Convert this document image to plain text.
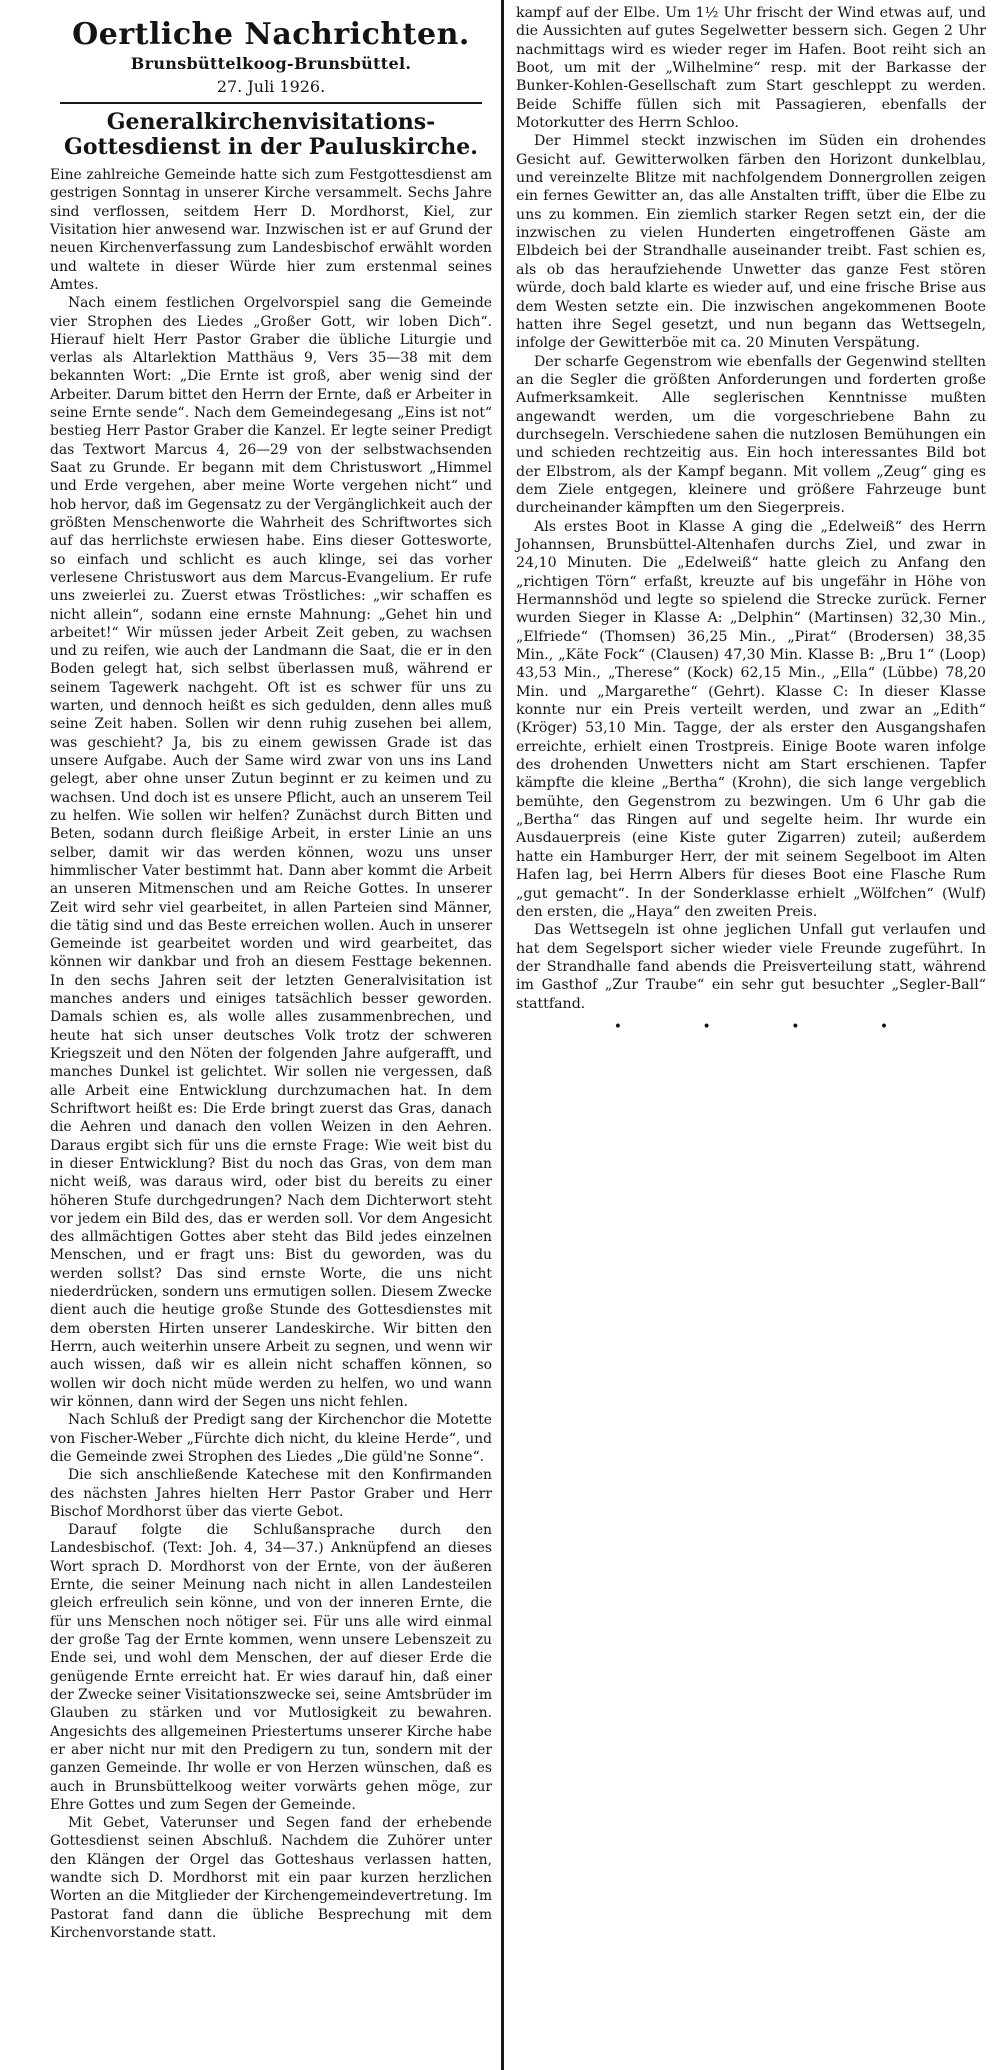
Oertliche Nachrichten.
Brunsbüttelkoog-Brunsbüttel.
27. Juli 1926.
Generalkirchenvisitations-Gottesdienst in der Pauluskirche.

Eine zahlreiche Gemeinde hatte sich zum Festgottesdienst am gestrigen Sonntag in unserer Kirche versammelt. Sechs Jahre sind verflossen, seitdem Herr D. Mordhorst, Kiel, zur Visitation hier anwesend war. Inzwischen ist er auf Grund der neuen Kirchenverfassung zum Landesbischof erwählt worden und waltete in dieser Würde hier zum erstenmal seines Amtes.

Nach einem festlichen Orgelvorspiel sang die Gemeinde vier Strophen des Liedes „Großer Gott, wir loben Dich“. Hierauf hielt Herr Pastor Graber die übliche Liturgie und verlas als Altarlektion Matthäus 9, Vers 35—38 mit dem bekannten Wort: „Die Ernte ist groß, aber wenig sind der Arbeiter. Darum bittet den Herrn der Ernte, daß er Arbeiter in seine Ernte sende“. Nach dem Gemeindegesang „Eins ist not“ bestieg Herr Pastor Graber die Kanzel. Er legte seiner Predigt das Textwort Marcus 4, 26—29 von der selbstwachsenden Saat zu Grunde. Er begann mit dem Christuswort „Himmel und Erde vergehen, aber meine Worte vergehen nicht“ und hob hervor, daß im Gegensatz zu der Vergänglichkeit auch der größten Menschenworte die Wahrheit des Schriftwortes sich auf das herrlichste erwiesen habe. Eins dieser Gottesworte, so einfach und schlicht es auch klinge, sei das vorher verlesene Christuswort aus dem Marcus-Evangelium. Er rufe uns zweierlei zu. Zuerst etwas Tröstliches: „wir schaffen es nicht allein“, sodann eine ernste Mahnung: „Gehet hin und arbeitet!“ Wir müssen jeder Arbeit Zeit geben, zu wachsen und zu reifen, wie auch der Landmann die Saat, die er in den Boden gelegt hat, sich selbst überlassen muß, während er seinem Tagewerk nachgeht. Oft ist es schwer für uns zu warten, und dennoch heißt es sich gedulden, denn alles muß seine Zeit haben. Sollen wir denn ruhig zusehen bei allem, was geschieht? Ja, bis zu einem gewissen Grade ist das unsere Aufgabe. Auch der Same wird zwar von uns ins Land gelegt, aber ohne unser Zutun beginnt er zu keimen und zu wachsen. Und doch ist es unsere Pflicht, auch an unserem Teil zu helfen. Wie sollen wir helfen? Zunächst durch Bitten und Beten, sodann durch fleißige Arbeit, in erster Linie an uns selber, damit wir das werden können, wozu uns unser himmlischer Vater bestimmt hat. Dann aber kommt die Arbeit an unseren Mitmenschen und am Reiche Gottes. In unserer Zeit wird sehr viel gearbeitet, in allen Parteien sind Männer, die tätig sind und das Beste erreichen wollen. Auch in unserer Gemeinde ist gearbeitet worden und wird gearbeitet, das können wir dankbar und froh an diesem Festtage bekennen. In den sechs Jahren seit der letzten Generalvisitation ist manches anders und einiges tatsächlich besser geworden. Damals schien es, als wolle alles zusammenbrechen, und heute hat sich unser deutsches Volk trotz der schweren Kriegszeit und den Nöten der folgenden Jahre aufgerafft, und manches Dunkel ist gelichtet. Wir sollen nie vergessen, daß alle Arbeit eine Entwicklung durchzumachen hat. In dem Schriftwort heißt es: Die Erde bringt zuerst das Gras, danach die Aehren und danach den vollen Weizen in den Aehren. Daraus ergibt sich für uns die ernste Frage: Wie weit bist du in dieser Entwicklung? Bist du noch das Gras, von dem man nicht weiß, was daraus wird, oder bist du bereits zu einer höheren Stufe durchgedrungen? Nach dem Dichterwort steht vor jedem ein Bild des, das er werden soll. Vor dem Angesicht des allmächtigen Gottes aber steht das Bild jedes einzelnen Menschen, und er fragt uns: Bist du geworden, was du werden sollst? Das sind ernste Worte, die uns nicht niederdrücken, sondern uns ermutigen sollen. Diesem Zwecke dient auch die heutige große Stunde des Gottesdienstes mit dem obersten Hirten unserer Landeskirche. Wir bitten den Herrn, auch weiterhin unsere Arbeit zu segnen, und wenn wir auch wissen, daß wir es allein nicht schaffen können, so wollen wir doch nicht müde werden zu helfen, wo und wann wir können, dann wird der Segen uns nicht fehlen.

Nach Schluß der Predigt sang der Kirchenchor die Motette von Fischer-Weber „Fürchte dich nicht, du kleine Herde“, und die Gemeinde zwei Strophen des Liedes „Die güld'ne Sonne“.

Die sich anschließende Katechese mit den Konfirmanden des nächsten Jahres hielten Herr Pastor Graber und Herr Bischof Mordhorst über das vierte Gebot.

Darauf folgte die Schlußansprache durch den Landesbischof. (Text: Joh. 4, 34—37.) Anknüpfend an dieses Wort sprach D. Mordhorst von der Ernte, von der äußeren Ernte, die seiner Meinung nach nicht in allen Landesteilen gleich erfreulich sein könne, und von der inneren Ernte, die für uns Menschen noch nötiger sei. Für uns alle wird einmal der große Tag der Ernte kommen, wenn unsere Lebenszeit zu Ende sei, und wohl dem Menschen, der auf dieser Erde die genügende Ernte erreicht hat. Er wies darauf hin, daß einer der Zwecke seiner Visitationszwecke sei, seine Amtsbrüder im Glauben zu stärken und vor Mutlosigkeit zu bewahren. Angesichts des allgemeinen Priestertums unserer Kirche habe er aber nicht nur mit den Predigern zu tun, sondern mit der ganzen Gemeinde. Ihr wolle er von Herzen wünschen, daß es auch in Brunsbüttelkoog weiter vorwärts gehen möge, zur Ehre Gottes und zum Segen der Gemeinde.

Mit Gebet, Vaterunser und Segen fand der erhebende Gottesdienst seinen Abschluß. Nachdem die Zuhörer unter den Klängen der Orgel das Gotteshaus verlassen hatten, wandte sich D. Mordhorst mit ein paar kurzen herzlichen Worten an die Mitglieder der Kirchengemeindevertretung. Im Pastorat fand dann die übliche Besprechung mit dem Kirchenvorstande statt.

kampf auf der Elbe. Um 1½ Uhr frischt der Wind etwas auf, und die Aussichten auf gutes Segelwetter bessern sich. Gegen 2 Uhr nachmittags wird es wieder reger im Hafen. Boot reiht sich an Boot, um mit der „Wilhelmine“ resp. mit der Barkasse der Bunker-Kohlen-Gesellschaft zum Start geschleppt zu werden. Beide Schiffe füllen sich mit Passagieren, ebenfalls der Motorkutter des Herrn Schloo.

Der Himmel steckt inzwischen im Süden ein drohendes Gesicht auf. Gewitterwolken färben den Horizont dunkelblau, und vereinzelte Blitze mit nachfolgendem Donnergrollen zeigen ein fernes Gewitter an, das alle Anstalten trifft, über die Elbe zu uns zu kommen. Ein ziemlich starker Regen setzt ein, der die inzwischen zu vielen Hunderten eingetroffenen Gäste am Elbdeich bei der Strandhalle auseinander treibt. Fast schien es, als ob das heraufziehende Unwetter das ganze Fest stören würde, doch bald klarte es wieder auf, und eine frische Brise aus dem Westen setzte ein. Die inzwischen angekommenen Boote hatten ihre Segel gesetzt, und nun begann das Wettsegeln, infolge der Gewitterböe mit ca. 20 Minuten Verspätung.

Der scharfe Gegenstrom wie ebenfalls der Gegenwind stellten an die Segler die größten Anforderungen und forderten große Aufmerksamkeit. Alle seglerischen Kenntnisse mußten angewandt werden, um die vorgeschriebene Bahn zu durchsegeln. Verschiedene sahen die nutzlosen Bemühungen ein und schieden rechtzeitig aus. Ein hoch interessantes Bild bot der Elbstrom, als der Kampf begann. Mit vollem „Zeug“ ging es dem Ziele entgegen, kleinere und größere Fahrzeuge bunt durcheinander kämpften um den Siegerpreis.

Als erstes Boot in Klasse A ging die „Edelweiß“ des Herrn Johannsen, Brunsbüttel-Altenhafen durchs Ziel, und zwar in 24,10 Minuten. Die „Edelweiß“ hatte gleich zu Anfang den „richtigen Törn“ erfaßt, kreuzte auf bis ungefähr in Höhe von Hermannshöd und legte so spielend die Strecke zurück. Ferner wurden Sieger in Klasse A: „Delphin“ (Martinsen) 32,30 Min., „Elfriede“ (Thomsen) 36,25 Min., „Pirat“ (Brodersen) 38,35 Min., „Käte Fock“ (Clausen) 47,30 Min. Klasse B: „Bru 1“ (Loop) 43,53 Min., „Therese“ (Kock) 62,15 Min., „Ella“ (Lübbe) 78,20 Min. und „Margarethe“ (Gehrt). Klasse C: In dieser Klasse konnte nur ein Preis verteilt werden, und zwar an „Edith“ (Kröger) 53,10 Min. Tagge, der als erster den Ausgangshafen erreichte, erhielt einen Trostpreis. Einige Boote waren infolge des drohenden Unwetters nicht am Start erschienen. Tapfer kämpfte die kleine „Bertha“ (Krohn), die sich lange vergeblich bemühte, den Gegenstrom zu bezwingen. Um 6 Uhr gab die „Bertha“ das Ringen auf und segelte heim. Ihr wurde ein Ausdauerpreis (eine Kiste guter Zigarren) zuteil; außerdem hatte ein Hamburger Herr, der mit seinem Segelboot im Alten Hafen lag, bei Herrn Albers für dieses Boot eine Flasche Rum „gut gemacht“. In der Sonderklasse erhielt „Wölfchen“ (Wulf) den ersten, die „Haya“ den zweiten Preis.

Das Wettsegeln ist ohne jeglichen Unfall gut verlaufen und hat dem Segelsport sicher wieder viele Freunde zugeführt. In der Strandhalle fand abends die Preisverteilung statt, während im Gasthof „Zur Traube“ ein sehr gut besuchter „Segler-Ball“ stattfand.

• • • •
